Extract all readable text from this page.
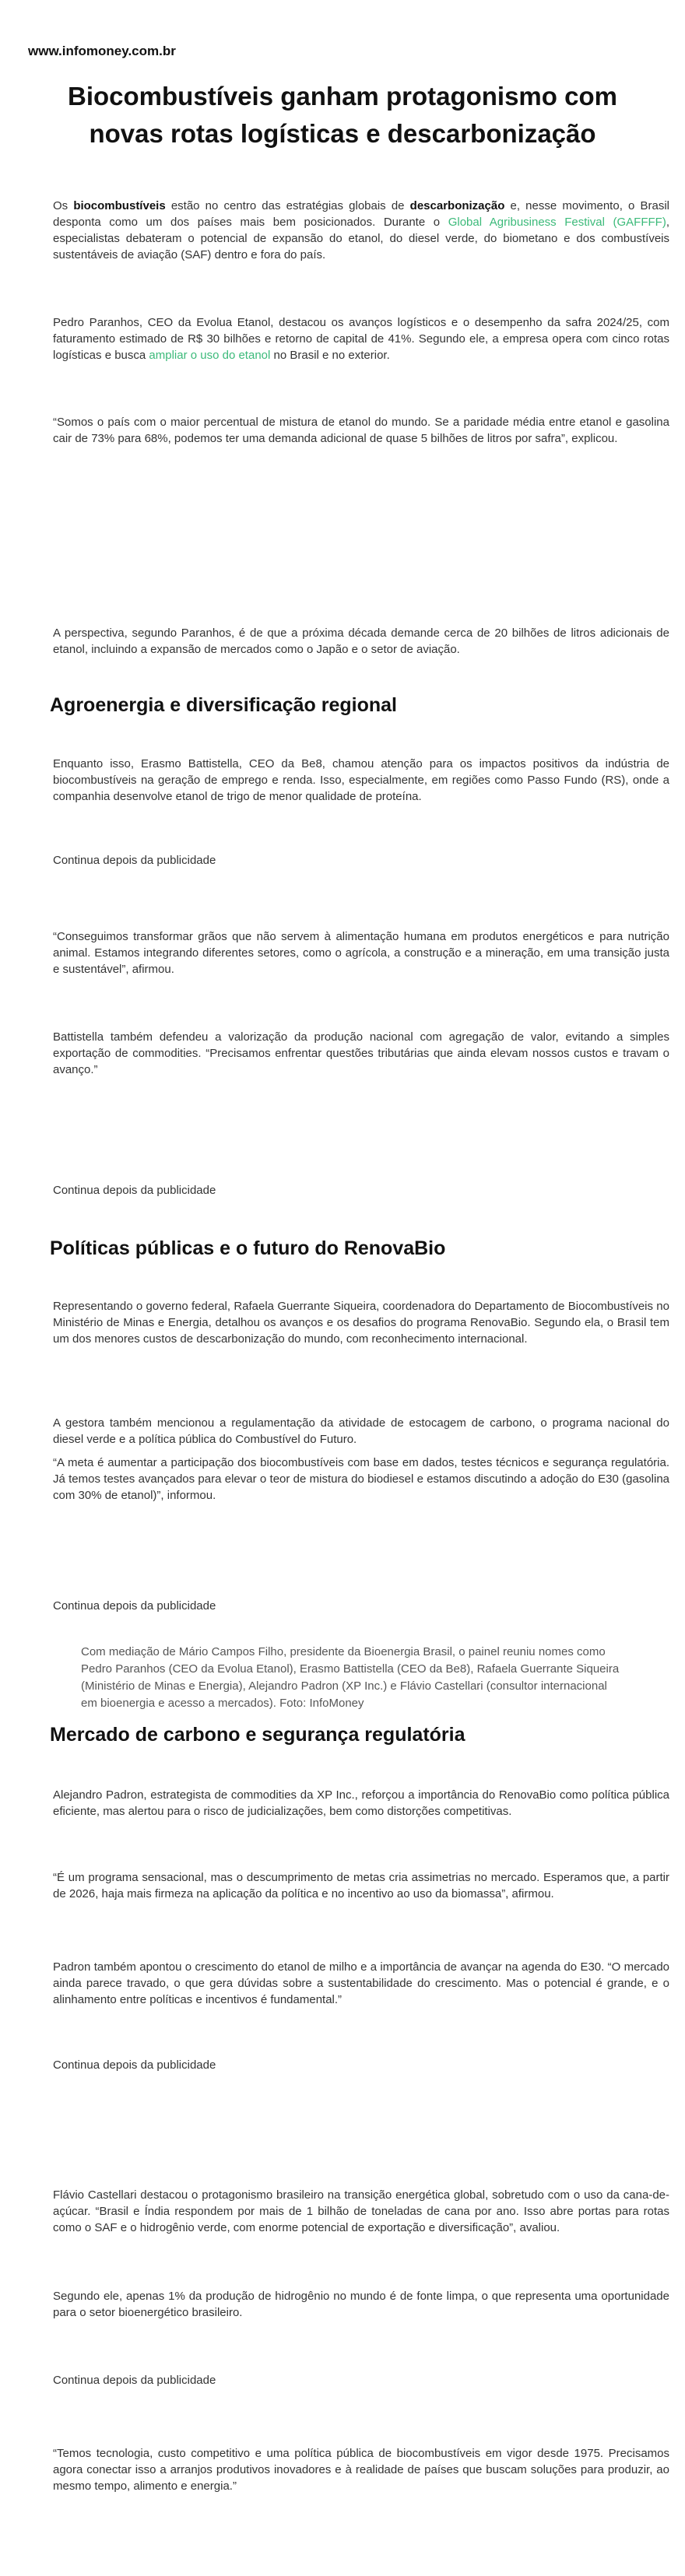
www.infomoney.com.br
Biocombustíveis ganham protagonismo com novas rotas logísticas e descarbonização

Os biocombustíveis estão no centro das estratégias globais de descarbonização e, nesse movimento, o Brasil desponta como um dos países mais bem posicionados. Durante o Global Agribusiness Festival (GAFFFF), especialistas debateram o potencial de expansão do etanol, do diesel verde, do biometano e dos combustíveis sustentáveis de aviação (SAF) dentro e fora do país.

Pedro Paranhos, CEO da Evolua Etanol, destacou os avanços logísticos e o desempenho da safra 2024/25, com faturamento estimado de R$ 30 bilhões e retorno de capital de 41%. Segundo ele, a empresa opera com cinco rotas logísticas e busca ampliar o uso do etanol no Brasil e no exterior.

“Somos o país com o maior percentual de mistura de etanol do mundo. Se a paridade média entre etanol e gasolina cair de 73% para 68%, podemos ter uma demanda adicional de quase 5 bilhões de litros por safra”, explicou.

A perspectiva, segundo Paranhos, é de que a próxima década demande cerca de 20 bilhões de litros adicionais de etanol, incluindo a expansão de mercados como o Japão e o setor de aviação.

Agroenergia e diversificação regional

Enquanto isso, Erasmo Battistella, CEO da Be8, chamou atenção para os impactos positivos da indústria de biocombustíveis na geração de emprego e renda. Isso, especialmente, em regiões como Passo Fundo (RS), onde a companhia desenvolve etanol de trigo de menor qualidade de proteína.

Continua depois da publicidade

“Conseguimos transformar grãos que não servem à alimentação humana em produtos energéticos e para nutrição animal. Estamos integrando diferentes setores, como o agrícola, a construção e a mineração, em uma transição justa e sustentável”, afirmou.

Battistella também defendeu a valorização da produção nacional com agregação de valor, evitando a simples exportação de commodities. “Precisamos enfrentar questões tributárias que ainda elevam nossos custos e travam o avanço.”

Continua depois da publicidade
Políticas públicas e o futuro do RenovaBio

Representando o governo federal, Rafaela Guerrante Siqueira, coordenadora do Departamento de Biocombustíveis no Ministério de Minas e Energia, detalhou os avanços e os desafios do programa RenovaBio. Segundo ela, o Brasil tem um dos menores custos de descarbonização do mundo, com reconhecimento internacional.

A gestora também mencionou a regulamentação da atividade de estocagem de carbono, o programa nacional do diesel verde e a política pública do Combustível do Futuro.

“A meta é aumentar a participação dos biocombustíveis com base em dados, testes técnicos e segurança regulatória. Já temos testes avançados para elevar o teor de mistura do biodiesel e estamos discutindo a adoção do E30 (gasolina com 30% de etanol)”, informou.

Continua depois da publicidade

Com mediação de Mário Campos Filho, presidente da Bioenergia Brasil, o painel reuniu nomes como Pedro Paranhos (CEO da Evolua Etanol), Erasmo Battistella (CEO da Be8), Rafaela Guerrante Siqueira (Ministério de Minas e Energia), Alejandro Padron (XP Inc.) e Flávio Castellari (consultor internacional em bioenergia e acesso a mercados). Foto: InfoMoney

Mercado de carbono e segurança regulatória

Alejandro Padron, estrategista de commodities da XP Inc., reforçou a importância do RenovaBio como política pública eficiente, mas alertou para o risco de judicializações, bem como distorções competitivas.

“É um programa sensacional, mas o descumprimento de metas cria assimetrias no mercado. Esperamos que, a partir de 2026, haja mais firmeza na aplicação da política e no incentivo ao uso da biomassa”, afirmou.

Padron também apontou o crescimento do etanol de milho e a importância de avançar na agenda do E30. “O mercado ainda parece travado, o que gera dúvidas sobre a sustentabilidade do crescimento. Mas o potencial é grande, e o alinhamento entre políticas e incentivos é fundamental.”

Continua depois da publicidade

Flávio Castellari destacou o protagonismo brasileiro na transição energética global, sobretudo com o uso da cana-de-açúcar. “Brasil e Índia respondem por mais de 1 bilhão de toneladas de cana por ano. Isso abre portas para rotas como o SAF e o hidrogênio verde, com enorme potencial de exportação e diversificação”, avaliou.

Segundo ele, apenas 1% da produção de hidrogênio no mundo é de fonte limpa, o que representa uma oportunidade para o setor bioenergético brasileiro.

Continua depois da publicidade

“Temos tecnologia, custo competitivo e uma política pública de biocombustíveis em vigor desde 1975. Precisamos agora conectar isso a arranjos produtivos inovadores e à realidade de países que buscam soluções para produzir, ao mesmo tempo, alimento e energia.”
